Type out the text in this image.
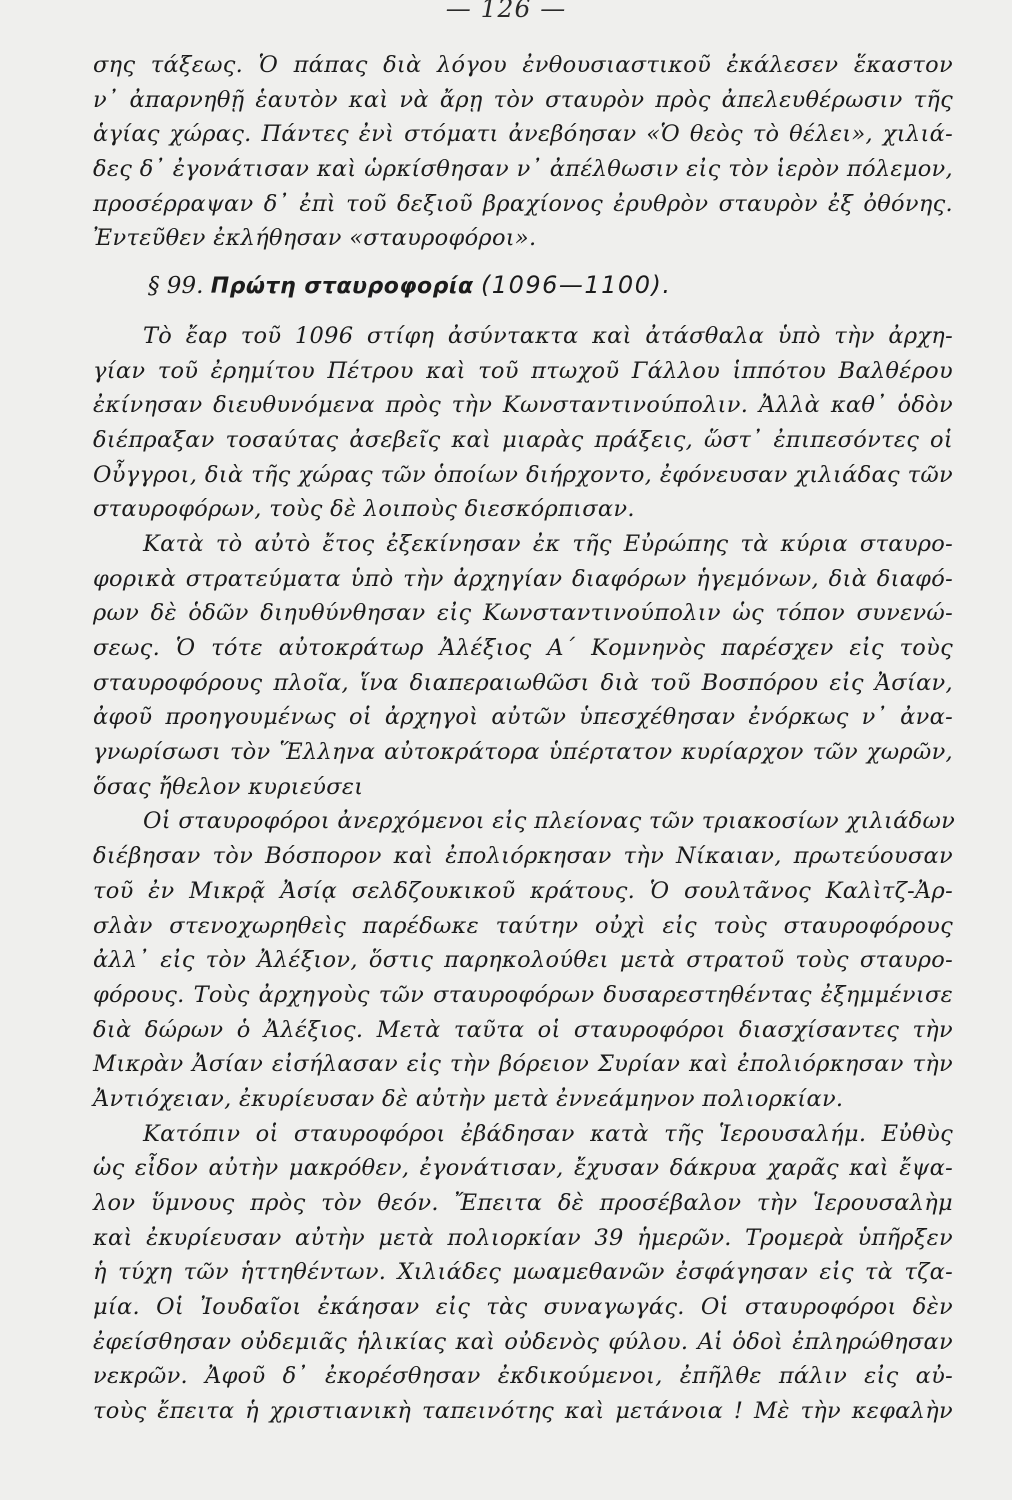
— 126 —
σης τάξεως. Ὁ πάπας διὰ λόγου ἐνθουσιαστικοῦ ἐκάλεσεν ἕκαστον
ν᾿ ἀπαρνηθῇ ἑαυτὸν καὶ νὰ ἄρῃ τὸν σταυρὸν πρὸς ἀπελευθέρωσιν τῆς
ἁγίας χώρας. Πάντες ἐνὶ στόματι ἀνεβόησαν «Ὁ θεὸς τὸ θέλει», χιλιά-
δες δ᾿ ἐγονάτισαν καὶ ὡρκίσθησαν ν᾿ ἀπέλθωσιν εἰς τὸν ἱερὸν πόλεμον,
προσέρραψαν δ᾿ ἐπὶ τοῦ δεξιοῦ βραχίονος ἐρυθρὸν σταυρὸν ἐξ ὀθόνης.
Ἐντεῦθεν ἐκλήθησαν «σταυροφόροι».
§ 99. Πρώτη σταυροφορία (1096—1100).
Τὸ ἔαρ τοῦ 1096 στίφη ἀσύντακτα καὶ ἀτάσθαλα ὑπὸ τὴν ἀρχη-
γίαν τοῦ ἐρημίτου Πέτρου καὶ τοῦ πτωχοῦ Γάλλου ἱππότου Βαλθέρου
ἐκίνησαν διευθυνόμενα πρὸς τὴν Κωνσταντινούπολιν. Ἀλλὰ καθ᾿ ὁδὸν
διέπραξαν τοσαύτας ἀσεβεῖς καὶ μιαρὰς πράξεις, ὥστ᾿ ἐπιπεσόντες οἱ
Οὖγγροι, διὰ τῆς χώρας τῶν ὁποίων διήρχοντο, ἐφόνευσαν χιλιάδας τῶν
σταυροφόρων, τοὺς δὲ λοιποὺς διεσκόρπισαν.
Κατὰ τὸ αὐτὸ ἔτος ἐξεκίνησαν ἐκ τῆς Εὐρώπης τὰ κύρια σταυρο-
φορικὰ στρατεύματα ὑπὸ τὴν ἀρχηγίαν διαφόρων ἡγεμόνων, διὰ διαφό-
ρων δὲ ὁδῶν διηυθύνθησαν εἰς Κωνσταντινούπολιν ὡς τόπον συνενώ-
σεως. Ὁ τότε αὐτοκράτωρ Ἀλέξιος Α΄ Κομνηνὸς παρέσχεν εἰς τοὺς
σταυροφόρους πλοῖα, ἵνα διαπεραιωθῶσι διὰ τοῦ Βοσπόρου εἰς Ἀσίαν,
ἀφοῦ προηγουμένως οἱ ἀρχηγοὶ αὐτῶν ὑπεσχέθησαν ἐνόρκως ν᾿ ἀνα-
γνωρίσωσι τὸν Ἕλληνα αὐτοκράτορα ὑπέρτατον κυρίαρχον τῶν χωρῶν,
ὅσας ἤθελον κυριεύσει
Οἱ σταυροφόροι ἀνερχόμενοι εἰς πλείονας τῶν τριακοσίων χιλιάδων
διέβησαν τὸν Βόσπορον καὶ ἐπολιόρκησαν τὴν Νίκαιαν, πρωτεύουσαν
τοῦ ἐν Μικρᾷ Ἀσίᾳ σελδζουκικοῦ κράτους. Ὁ σουλτᾶνος Καλὶτζ-Ἀρ-
σλὰν στενοχωρηθεὶς παρέδωκε ταύτην οὐχὶ εἰς τοὺς σταυροφόρους
ἀλλ᾿ εἰς τὸν Ἀλέξιον, ὅστις παρηκολούθει μετὰ στρατοῦ τοὺς σταυρο-
φόρους. Τοὺς ἀρχηγοὺς τῶν σταυροφόρων δυσαρεστηθέντας ἐξημμένισε
διὰ δώρων ὁ Ἀλέξιος. Μετὰ ταῦτα οἱ σταυροφόροι διασχίσαντες τὴν
Μικρὰν Ἀσίαν εἰσήλασαν εἰς τὴν βόρειον Συρίαν καὶ ἐπολιόρκησαν τὴν
Ἀντιόχειαν, ἐκυρίευσαν δὲ αὐτὴν μετὰ ἐννεάμηνον πολιορκίαν.
Κατόπιν οἱ σταυροφόροι ἐβάδησαν κατὰ τῆς Ἱερουσαλήμ. Εὐθὺς
ὡς εἶδον αὐτὴν μακρόθεν, ἐγονάτισαν, ἔχυσαν δάκρυα χαρᾶς καὶ ἔψα-
λον ὕμνους πρὸς τὸν θεόν. Ἔπειτα δὲ προσέβαλον τὴν Ἱερουσαλὴμ
καὶ ἐκυρίευσαν αὐτὴν μετὰ πολιορκίαν 39 ἡμερῶν. Τρομερὰ ὑπῆρξεν
ἡ τύχη τῶν ἡττηθέντων. Χιλιάδες μωαμεθανῶν ἐσφάγησαν εἰς τὰ τζα-
μία. Οἱ Ἰουδαῖοι ἐκάησαν εἰς τὰς συναγωγάς. Οἱ σταυροφόροι δὲν
ἐφείσθησαν οὐδεμιᾶς ἡλικίας καὶ οὐδενὸς φύλου. Αἱ ὁδοὶ ἐπληρώθησαν
νεκρῶν. Ἀφοῦ δ᾿ ἐκορέσθησαν ἐκδικούμενοι, ἐπῆλθε πάλιν εἰς αὐ-
τοὺς ἔπειτα ἡ χριστιανικὴ ταπεινότης καὶ μετάνοια ! Μὲ τὴν κεφαλὴν
